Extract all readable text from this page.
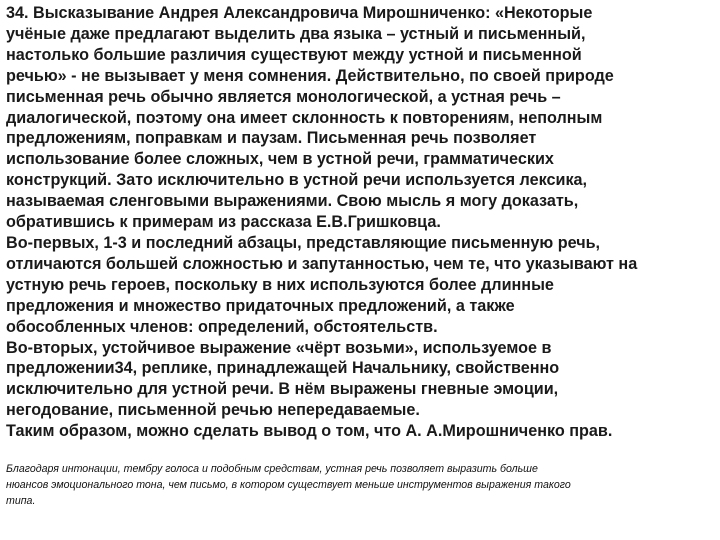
34. Высказывание Андрея Александровича Мирошниченко: «Некоторые
учёные даже предлагают выделить два языка – устный и письменный,
настолько большие различия существуют между устной и письменной
речью» - не вызывает у меня сомнения. Действительно, по своей природе
письменная речь обычно является монологической, а устная речь –
диалогической, поэтому она имеет склонность к повторениям, неполным
предложениям, поправкам и паузам. Письменная речь позволяет
использование более сложных, чем в устной речи, грамматических
конструкций. Зато исключительно в устной речи используется лексика,
называемая сленговыми выражениями. Свою мысль я могу доказать,
обратившись к примерам из рассказа Е.В.Гришковца.
Во-первых, 1-3 и последний абзацы, представляющие письменную речь,
отличаются большей сложностью и запутанностью, чем те, что указывают на
устную речь героев, поскольку в них используются более длинные
предложения и множество придаточных предложений, а также
обособленных членов: определений, обстоятельств.
Во-вторых, устойчивое выражение «чёрт возьми», используемое в
предложении34, реплике, принадлежащей Начальнику, свойственно
исключительно для устной речи. В нём выражены гневные эмоции,
негодование, письменной речью непередаваемые.
Таким образом, можно сделать вывод о том, что А. А.Мирошниченко прав.
Благодаря интонации, тембру голоса и подобным средствам, устная речь позволяет выразить больше
нюансов эмоционального тона, чем письмо, в котором существует меньше инструментов выражения такого
типа.
